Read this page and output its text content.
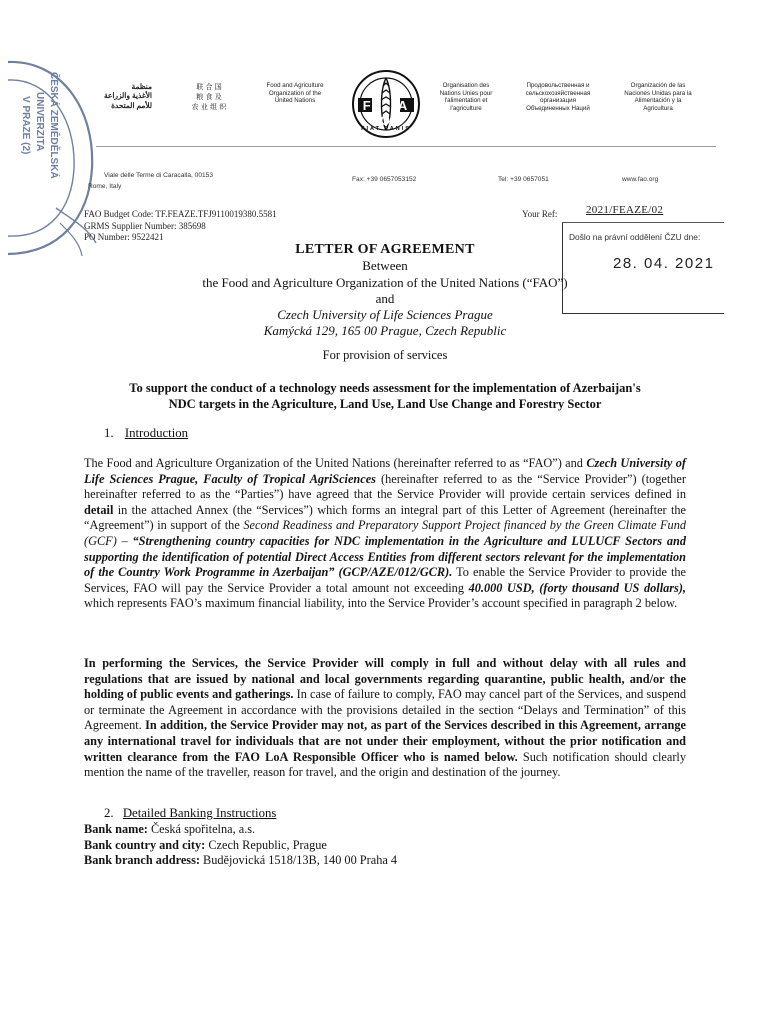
ČESKÁ ZEMĚDĚLSKÁ
UNIVERZITA
V PRAZE (2)
منظمة
الأغذية والزراعة
للأمم المتحدة
联 合 国
粮 食 及
农 业 组 织
Food and Agriculture
Organization of the
United Nations	F A O
FIAT PANIS
Organisation des
Nations Unies pour
l'alimentation et
l'agriculture
Продовольственная и
сельскохозяйственная
организация
Объединенных Наций
Organización de las
Naciones Unidas para la
Alimentación y la
Agricultura
Viale delle Terme di Caracalla, 00153
Rome, Italy
Fax: +39 0657053152	Tel: +39 0657051	www.fao.org
FAO Budget Code: TF.FEAZE.TFJ9110019380.5581
GRMS Supplier Number: 385698
PO Number: 9522421
Your Ref:	2021/FEAZE/02
Došlo na právní oddělení ČZU dne:
28. 04. 2021
LETTER OF AGREEMENT
Between
the Food and Agriculture Organization of the United Nations (“FAO”)
and
Czech University of Life Sciences Prague
Kamýcká 129, 165 00 Prague, Czech Republic
For provision of services
To support the conduct of a technology needs assessment for the implementation of Azerbaijan's
NDC targets in the Agriculture, Land Use, Land Use Change and Forestry Sector
1. Introduction
The Food and Agriculture Organization of the United Nations (hereinafter referred to as “FAO”) and Czech University of Life Sciences Prague, Faculty of Tropical AgriSciences (hereinafter referred to as the “Service Provider”) (together hereinafter referred to as the “Parties”) have agreed that the Service Provider will provide certain services defined in detail in the attached Annex (the “Services”) which forms an integral part of this Letter of Agreement (hereinafter the “Agreement”) in support of the Second Readiness and Preparatory Support Project financed by the Green Climate Fund (GCF) – “Strengthening country capacities for NDC implementation in the Agriculture and LULUCF Sectors and supporting the identification of potential Direct Access Entities from different sectors relevant for the implementation of the Country Work Programme in Azerbaijan” (GCP/AZE/012/GCR). To enable the Service Provider to provide the Services, FAO will pay the Service Provider a total amount not exceeding 40.000 USD, (forty thousand US dollars), which represents FAO’s maximum financial liability, into the Service Provider’s account specified in paragraph 2 below.
In performing the Services, the Service Provider will comply in full and without delay with all rules and regulations that are issued by national and local governments regarding quarantine, public health, and/or the holding of public events and gatherings. In case of failure to comply, FAO may cancel part of the Services, and suspend or terminate the Agreement in accordance with the provisions detailed in the section “Delays and Termination” of this Agreement. In addition, the Service Provider may not, as part of the Services described in this Agreement, arrange any international travel for individuals that are not under their employment, without the prior notification and written clearance from the FAO LoA Responsible Officer who is named below. Such notification should clearly mention the name of the traveller, reason for travel, and the origin and destination of the journey.
2. Detailed Banking Instructions
Bank name: Česká spořitelna, a.s.
Bank country and city: Czech Republic, Prague
Bank branch address: Budějovická 1518/13B, 140 00 Praha 4
